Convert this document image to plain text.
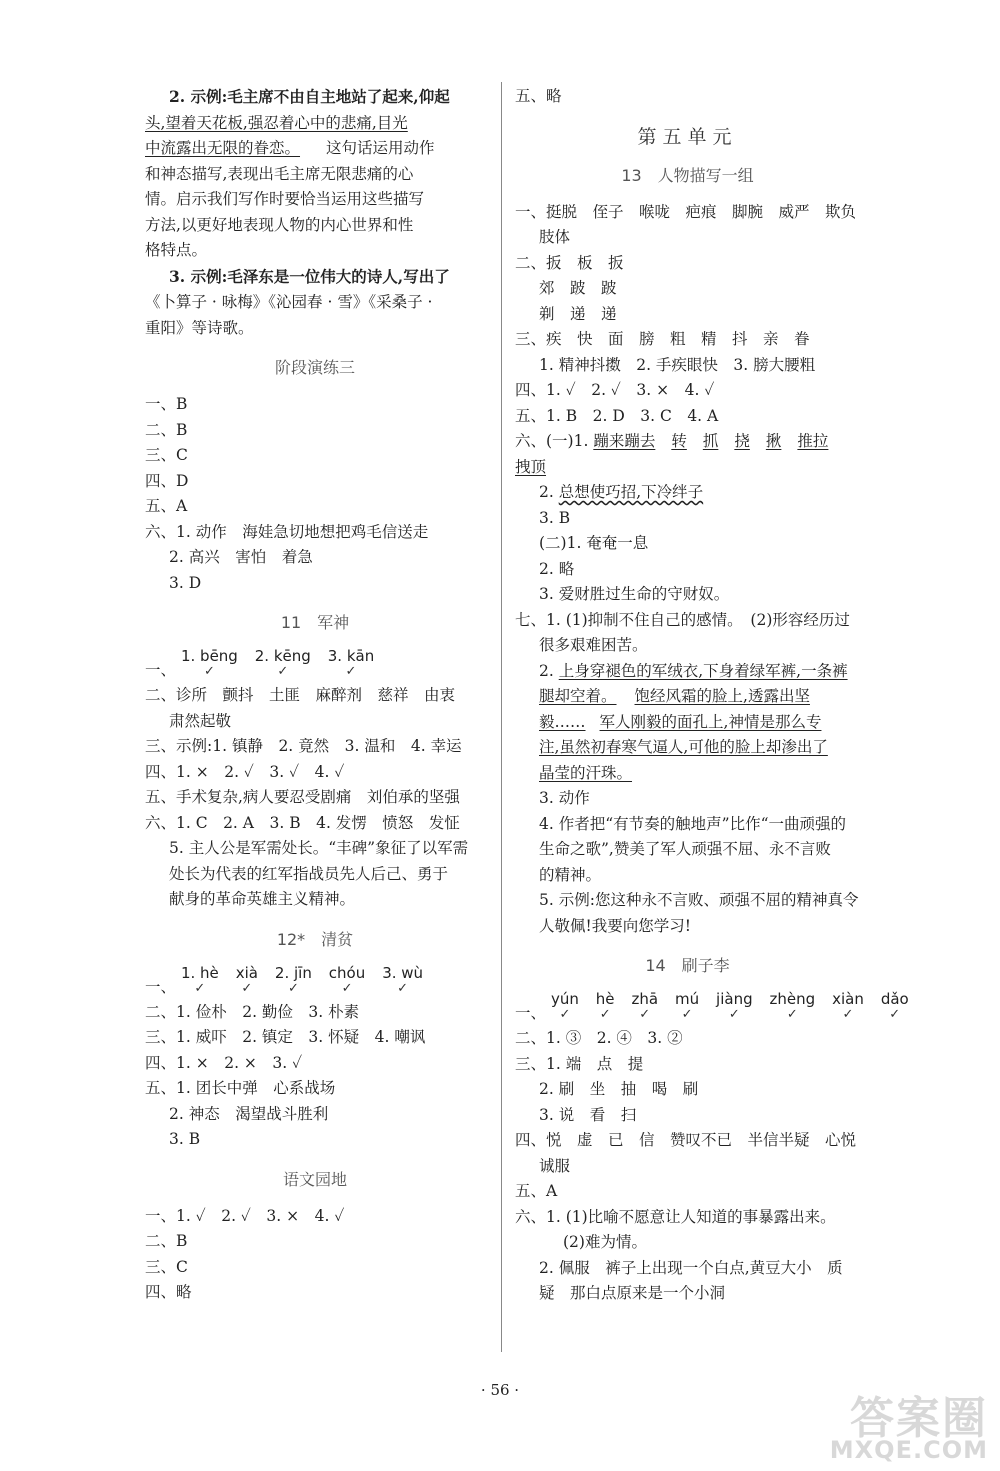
2. 示例:毛主席不由自主地站了起来,仰起

头,望着天花板,强忍着心中的悲痛,目光

中流露出无限的眷恋。 这句话运用动作

和神态描写,表现出毛主席无限悲痛的心

情。启示我们写作时要恰当运用这些描写

方法,以更好地表现人物的内心世界和性

格特点。

3. 示例:毛泽东是一位伟大的诗人,写出了

《卜算子 · 咏梅》《沁园春 · 雪》《采桑子 ·

重阳》等诗歌。

阶段演练三

一、B

二、B

三、C

四、D

五、A

六、1. 动作　海娃急切地想把鸡毛信送走

2. 高兴　害怕　着急

3. D

11　军神
一、 1. bēng
✓
2. kēng
✓
3. kān
✓

二、诊所　颤抖　土匪　麻醉剂　慈祥　由衷

肃然起敬

三、示例:1. 镇静　2. 竟然　3. 温和　4. 幸运

四、1. ×　2. ✓　3. ✓　4. ✓

五、手术复杂,病人要忍受剧痛　刘伯承的坚强

六、1. C　2. A　3. B　4. 发愣　愤怒　发怔

5. 主人公是军需处长。“丰碑”象征了以军需

处长为代表的红军指战员先人后己、勇于

献身的革命英雄主义精神。

12*　清贫
一、 1. hè
✓
xià
✓
2. jīn
✓
chóu
✓
3. wù
✓

二、1. 俭朴　2. 勤俭　3. 朴素

三、1. 威吓　2. 镇定　3. 怀疑　4. 嘲讽

四、1. ×　2. ×　3. ✓

五、1. 团长中弹　心系战场

2. 神态　渴望战斗胜利

3. B

语文园地

一、1. ✓　2. ✓　3. ×　4. ✓

二、B

三、C

四、略

五、略

第五单元
13　人物描写一组

一、挺脱　侄子　喉咙　疤痕　脚腕　威严　欺负

肢体

二、扳　板　扳

郊　跛　跛

剃　递　递

三、疾　快　面　膀　粗　精　抖　亲　眷

1. 精神抖擞　2. 手疾眼快　3. 膀大腰粗

四、1. ✓　2. ✓　3. ×　4. ✓

五、1. B　2. D　3. C　4. A

六、(一)1. 蹦来蹦去 转 抓 挠 揪 推拉

拽顶

2. 总想使巧招,下冷绊子

3. B

(二)1. 奄奄一息

2. 略

3. 爱财胜过生命的守财奴。

七、1. (1)抑制不住自己的感情。　(2)形容经历过

很多艰难困苦。

2. 上身穿褪色的军绒衣,下身着绿军裤,一条裤

腿却空着。 饱经风霜的脸上,透露出坚

毅…… 军人刚毅的面孔上,神情是那么专

注,虽然初春寒气逼人,可他的脸上却渗出了

晶莹的汗珠。

3. 动作

4. 作者把“有节奏的触地声”比作“一曲顽强的

生命之歌”,赞美了军人顽强不屈、永不言败

的精神。

5. 示例:您这种永不言败、顽强不屈的精神真令

人敬佩!我要向您学习!

14　刷子李
一、 yún
✓
hè
✓
zhā
✓
mú
✓
jiàng
✓
zhèng
✓
xiàn
✓
dǎo
✓

二、1. ③　2. ④　3. ②

三、1. 端　点　提

2. 刷　坐　抽　喝　刷

3. 说　看　扫

四、悦　虚　已　信　赞叹不已　半信半疑　心悦

诚服

五、A

六、1. (1)比喻不愿意让人知道的事暴露出来。

(2)难为情。

2. 佩服　裤子上出现一个白点,黄豆大小　质

疑　那白点原来是一个小洞

· 56 ·
答案圈
MXQE.COM
